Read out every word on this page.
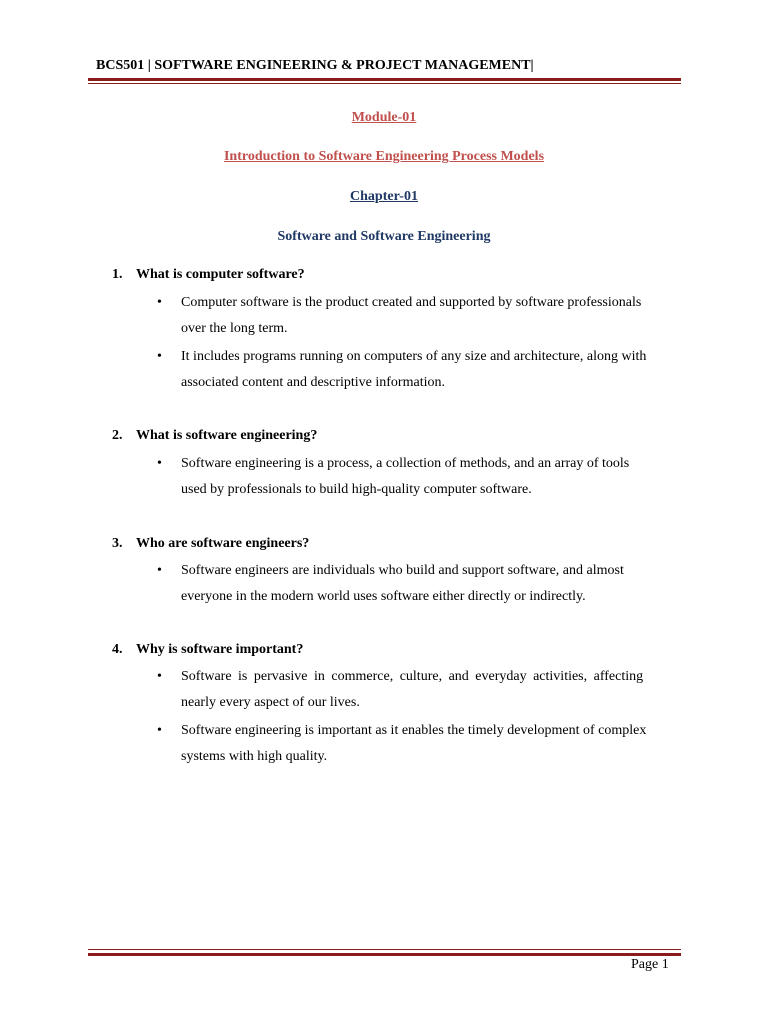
BCS501 | SOFTWARE ENGINEERING & PROJECT MANAGEMENT|
Module-01
Introduction to Software Engineering Process Models
Chapter-01
Software and Software Engineering
1. What is computer software?
•	Computer software is the product created and supported by software professionals
over the long term.
•	It includes programs running on computers of any size and architecture, along with
associated content and descriptive information.
2. What is software engineering?
•	Software engineering is a process, a collection of methods, and an array of tools
used by professionals to build high-quality computer software.
3. Who are software engineers?
•	Software engineers are individuals who build and support software, and almost
everyone in the modern world uses software either directly or indirectly.
4. Why is software important?
•	Software is pervasive in commerce, culture, and everyday activities, affecting
nearly every aspect of our lives.
•	Software engineering is important as it enables the timely development of complex
systems with high quality.
Page 1
